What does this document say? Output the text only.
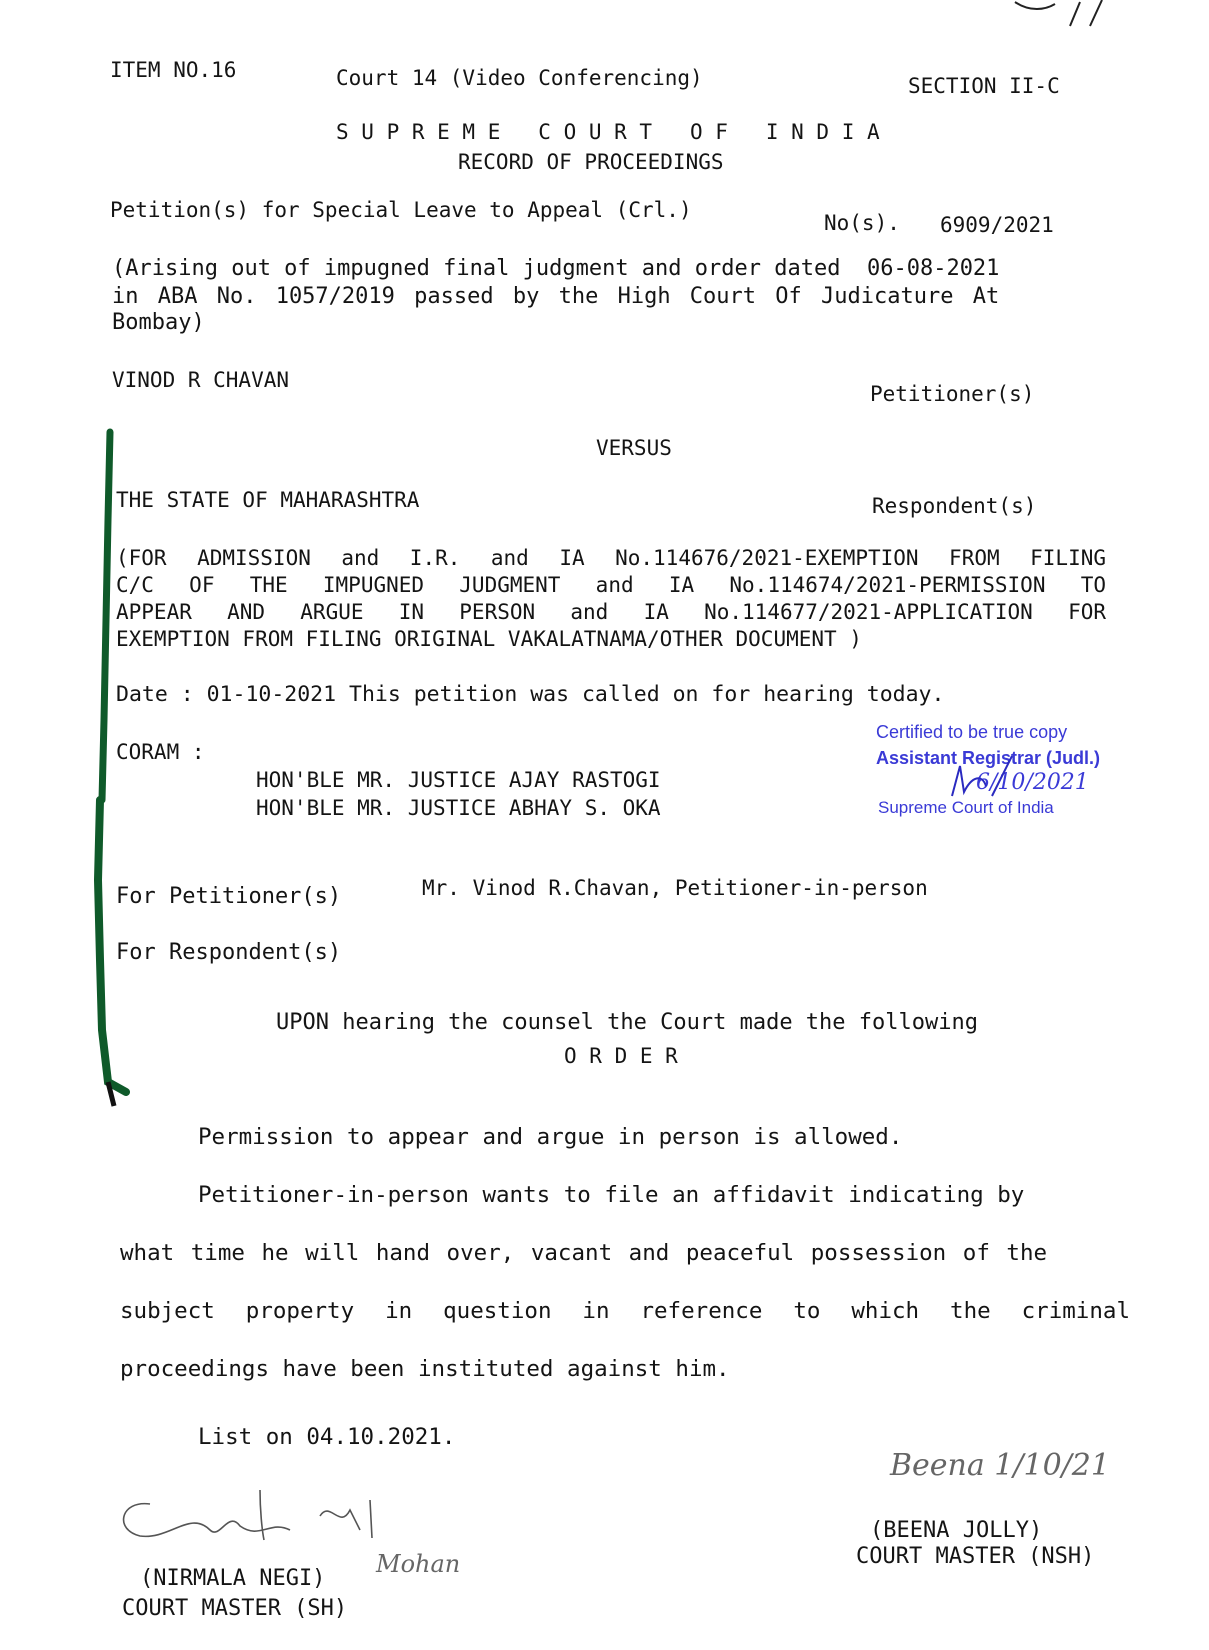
ITEM NO.16	Court 14 (Video Conferencing)	SECTION II-C
S U P R E M E   C O U R T   O F   I N D I A
RECORD OF PROCEEDINGS
Petition(s) for Special Leave to Appeal (Crl.)
No(s). 6909/2021
(Arising out of impugned final judgment and order dated  06-08-2021
in ABA No. 1057/2019 passed by the High Court Of Judicature At
Bombay)
VINOD R CHAVAN
Petitioner(s)
VERSUS
THE STATE OF MAHARASHTRA	Respondent(s)
(FOR ADMISSION and I.R. and IA No.114676/2021-EXEMPTION FROM FILING
C/C OF THE IMPUGNED JUDGMENT and IA No.114674/2021-PERMISSION TO
APPEAR AND ARGUE IN PERSON and IA No.114677/2021-APPLICATION FOR
EXEMPTION FROM FILING ORIGINAL VAKALATNAMA/OTHER DOCUMENT )
Date : 01-10-2021 This petition was called on for hearing today.
CORAM :
HON'BLE MR. JUSTICE AJAY RASTOGI
HON'BLE MR. JUSTICE ABHAY S. OKA
Certified to be true copy
Assistant Registrar (Judl.)
6/10/2021
Supreme Court of India
For Petitioner(s)	Mr. Vinod R.Chavan, Petitioner-in-person
For Respondent(s)
UPON hearing the counsel the Court made the following
O R D E R
Permission to appear and argue in person is allowed.
Petitioner-in-person wants to file an affidavit indicating by
what time he will hand over, vacant and peaceful possession of the
subject property in question in reference to which the criminal
proceedings have been instituted against him.
List on 04.10.2021.
Mohan
Beena 1/10/21
(NIRMALA NEGI)
COURT MASTER (SH)
(BEENA JOLLY)
COURT MASTER (NSH)
